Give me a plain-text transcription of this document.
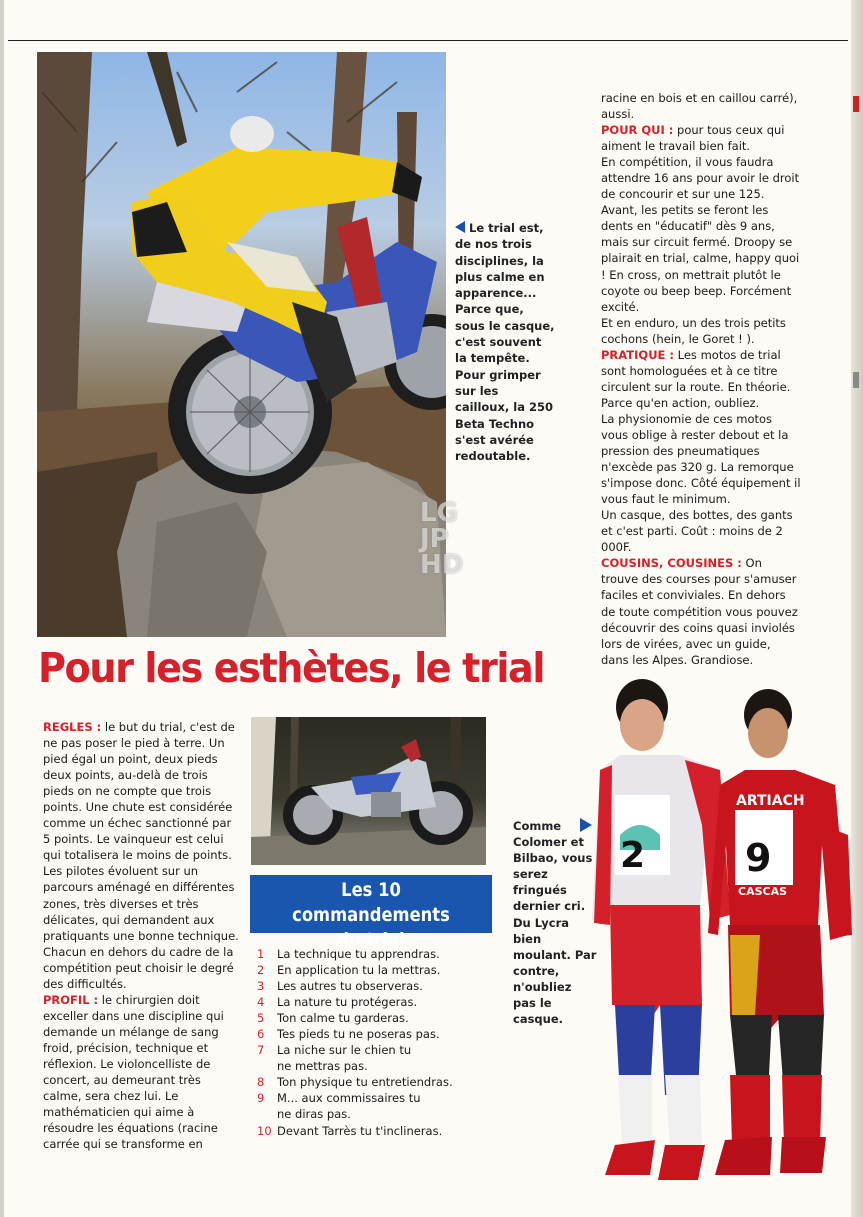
LG
JP
HD
Le trial est, de nos trois disciplines, la plus calme en apparence... Parce que, sous le casque, c'est souvent la tempête. Pour grimper sur les cailloux, la 250 Beta Techno s'est avérée redoutable.

racine en bois et en caillou carré), aussi.

POUR QUI : pour tous ceux qui aiment le travail bien fait.

En compétition, il vous faudra attendre 16 ans pour avoir le droit de concourir et sur une 125. Avant, les petits se feront les dents en "éducatif" dès 9 ans, mais sur circuit fermé. Droopy se plairait en trial, calme, happy quoi ! En cross, on mettrait plutôt le coyote ou beep beep. Forcément excité.

Et en enduro, un des trois petits cochons (hein, le Goret ! ).

PRATIQUE : Les motos de trial sont homologuées et à ce titre circulent sur la route. En théorie. Parce qu'en action, oubliez.

La physionomie de ces motos vous oblige à rester debout et la pression des pneumatiques n'excède pas 320 g. La remorque s'impose donc. Côté équipement il vous faut le minimum.

Un casque, des bottes, des gants et c'est parti. Coût : moins de 2 000F.

COUSINS, COUSINES : On trouve des courses pour s'amuser faciles et conviviales. En dehors de toute compétition vous pouvez découvrir des coins quasi inviolés lors de virées, avec un guide, dans les Alpes. Grandiose.

Pour les esthètes, le trial

REGLES : le but du trial, c'est de ne pas poser le pied à terre. Un pied égal un point, deux pieds deux points, au-delà de trois pieds on ne compte que trois points. Une chute est considérée comme un échec sanctionné par 5 points. Le vainqueur est celui qui totalisera le moins de points. Les pilotes évoluent sur un parcours aménagé en différentes zones, très diverses et très délicates, qui demandent aux pratiquants une bonne technique. Chacun en dehors du cadre de la compétition peut choisir le degré des difficultés.

PROFIL : le chirurgien doit exceller dans une discipline qui demande un mélange de sang froid, précision, technique et réflexion. Le violoncelliste de concert, au demeurant très calme, sera chez lui. Le mathématicien qui aime à résoudre les équations (racine carrée qui se transforme en

Les 10 commandements
du trial
1	La technique tu apprendras.
2	En application tu la mettras.
3	Les autres tu observeras.
4	La nature tu protégeras.
5	Ton calme tu garderas.
6	Tes pieds tu ne poseras pas.
7	La niche sur le chien tu ne mettras pas.
8	Ton physique tu entretiendras.
9	M... aux commissaires tu ne diras pas.
10 Devant Tarrès tu t'inclineras.
Comme Colomer et Bilbao, vous serez fringués dernier cri. Du Lycra bien moulant. Par contre, n'oubliez pas le casque.
2
ARTIACH
9
CASCAS
